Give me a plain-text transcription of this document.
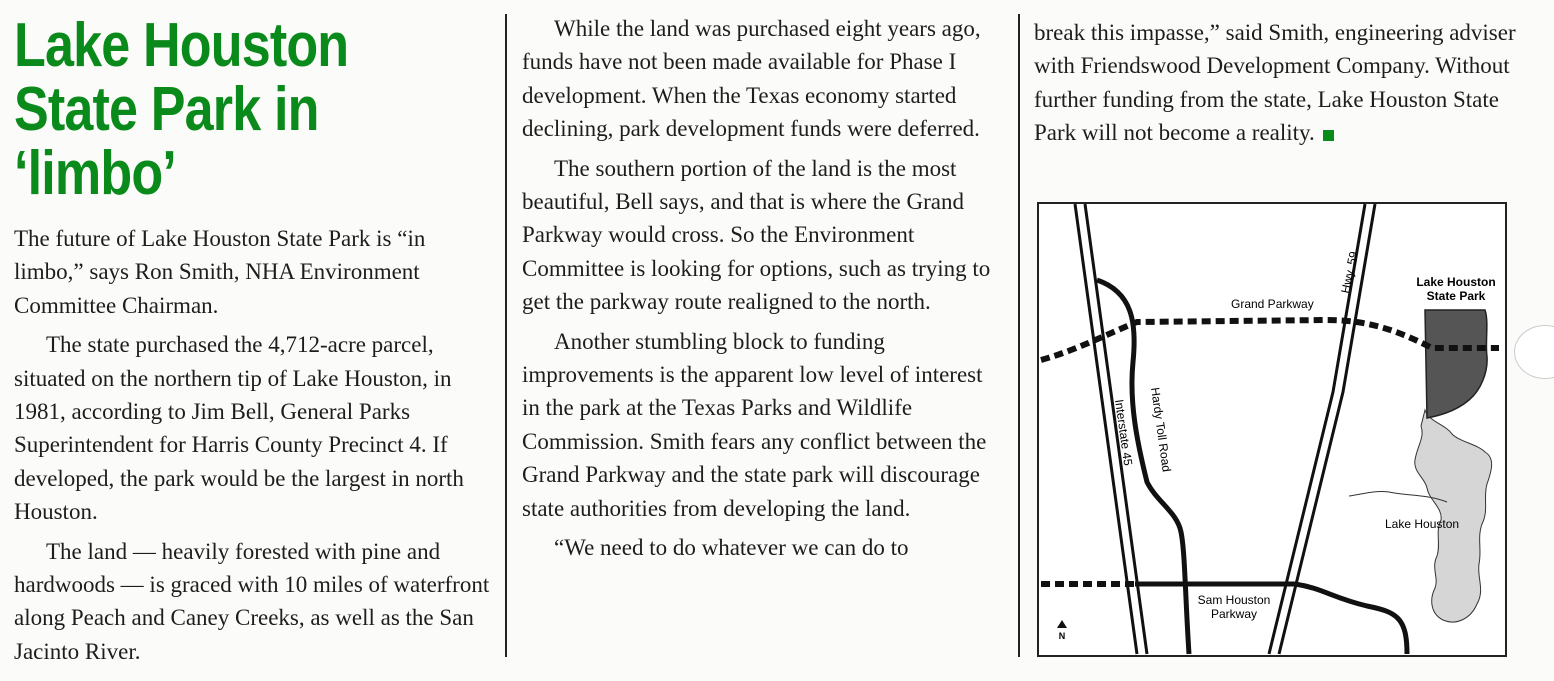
Lake Houston
State Park in
‘limbo’

The future of Lake Houston State Park is “in limbo,” says Ron Smith, NHA Environment Committee Chairman.

The state purchased the 4,712-acre parcel, situated on the northern tip of Lake Houston, in 1981, according to Jim Bell, General Parks Superintendent for Harris County Precinct 4. If developed, the park would be the largest in north Houston.

The land — heavily forested with pine and hardwoods — is graced with 10 miles of waterfront along Peach and Caney Creeks, as well as the San Jacinto River.

While the land was purchased eight years ago, funds have not been made available for Phase I development. When the Texas economy started declining, park development funds were deferred.

The southern portion of the land is the most beautiful, Bell says, and that is where the Grand Parkway would cross. So the Environment Committee is looking for options, such as trying to get the parkway route realigned to the north.

Another stumbling block to funding improvements is the apparent low level of interest in the park at the Texas Parks and Wildlife Commission. Smith fears any conflict between the Grand Parkway and the state park will discourage state authorities from developing the land.

“We need to do whatever we can do to

break this impasse,” said Smith, engineering adviser with Friendswood Development Company. Without further funding from the state, Lake Houston State Park will not become a reality.

Grand Parkway
Hwy. 59	Lake Houston
State Park
Interstate 45 Hardy Toll Road
Lake Houston
Sam Houston
Parkway
N
